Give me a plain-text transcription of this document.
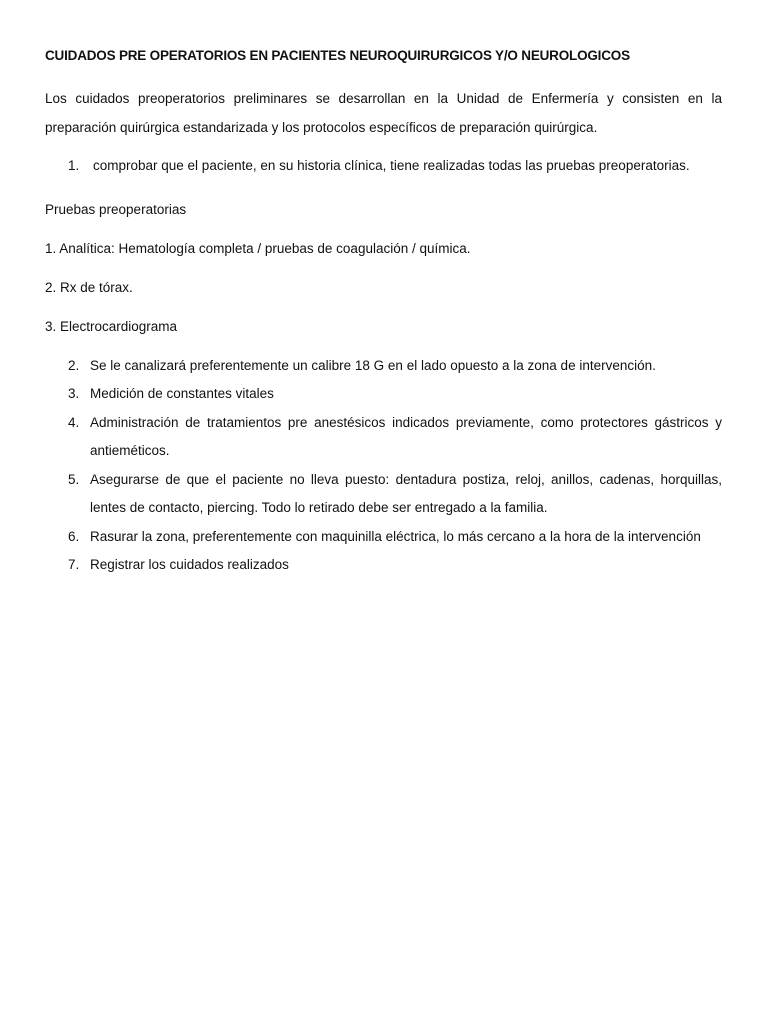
CUIDADOS PRE OPERATORIOS EN PACIENTES NEUROQUIRURGICOS Y/O NEUROLOGICOS

Los cuidados preoperatorios preliminares se desarrollan en la Unidad de Enfermería y consisten en la preparación quirúrgica estandarizada y los protocolos específicos de preparación quirúrgica.

1. comprobar que el paciente, en su historia clínica, tiene realizadas todas las pruebas preoperatorias.

Pruebas preoperatorias

1. Analítica: Hematología completa / pruebas de coagulación / química.

2. Rx de tórax.

3. Electrocardiograma

2. Se le canalizará preferentemente un calibre 18 G en el lado opuesto a la zona de intervención.
3. Medición de constantes vitales
4. Administración de tratamientos pre anestésicos indicados previamente, como protectores gástricos y antieméticos.
5. Asegurarse de que el paciente no lleva puesto: dentadura postiza, reloj, anillos, cadenas, horquillas, lentes de contacto, piercing. Todo lo retirado debe ser entregado a la familia.
6. Rasurar la zona, preferentemente con maquinilla eléctrica, lo más cercano a la hora de la intervención
7. Registrar los cuidados realizados
